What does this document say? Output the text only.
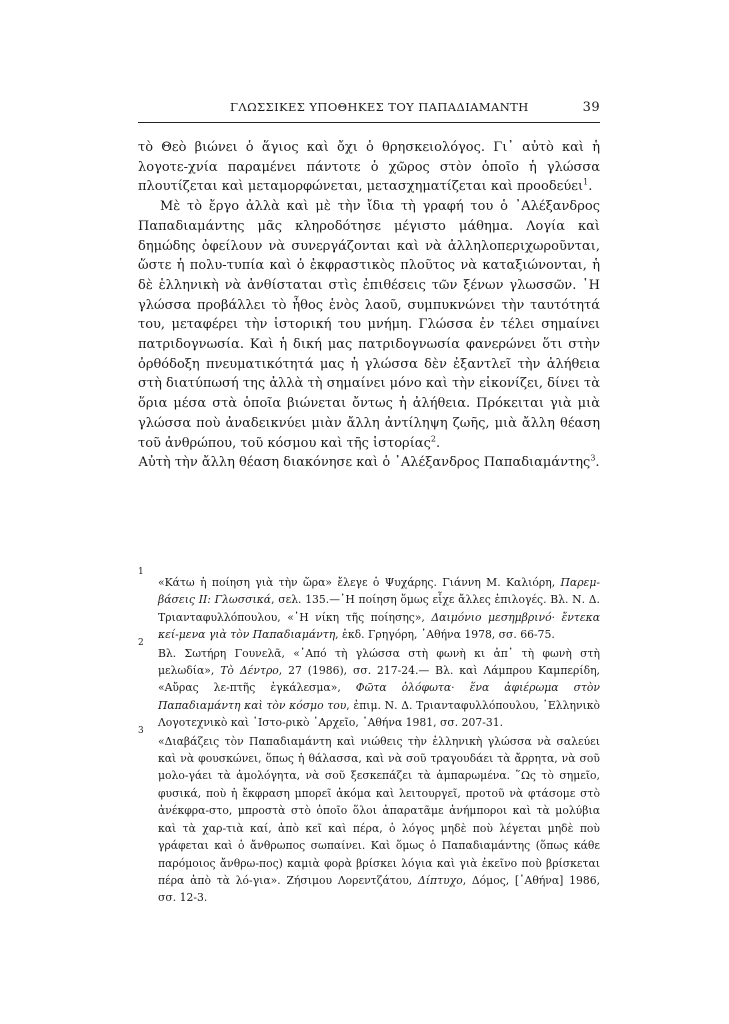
ΓΛΩΣΣΙΚΕΣ ΥΠΟΘΗΚΕΣ ΤΟΥ ΠΑΠΑΔΙΑΜΑΝΤΗ	39

τὸ Θεὸ βιώνει ὁ ἅγιος καὶ ὄχι ὁ θρησκειολόγος. Γι᾿ αὐτὸ καὶ ἡ λογοτε-χνία παραμένει πάντοτε ὁ χῶρος στὸν ὁποῖο ἡ γλώσσα πλουτίζεται καὶ μεταμορφώνεται, μετασχηματίζεται καὶ προοδεύει$^1$.

Μὲ τὸ ἔργο ἀλλὰ καὶ μὲ τὴν ἴδια τὴ γραφή του ὁ ᾿Αλέξανδρος Παπαδιαμάντης μᾶς κληροδότησε μέγιστο μάθημα. Λογία καὶ δημώδης ὀφείλουν νὰ συνεργάζονται καὶ νὰ ἀλληλοπεριχωροῦνται, ὥστε ἡ πολυ-τυπία καὶ ὁ ἐκφραστικὸς πλοῦτος νὰ καταξιώνονται, ἡ δὲ ἑλληνικὴ νὰ ἀνθίσταται στὶς ἐπιθέσεις τῶν ξένων γλωσσῶν. ῾Η γλώσσα προβάλλει τὸ ἦθος ἑνὸς λαοῦ, συμπυκνώνει τὴν ταυτότητά του, μεταφέρει τὴν ἱστορική του μνήμη. Γλώσσα ἐν τέλει σημαίνει πατριδογνωσία. Καὶ ἡ δική μας πατριδογνωσία φανερώνει ὅτι στὴν ὀρθόδοξη πνευματικότητά μας ἡ γλώσσα δὲν ἐξαντλεῖ τὴν ἀλήθεια στὴ διατύπωσή της ἀλλὰ τὴ σημαίνει μόνο καὶ τὴν εἰκονίζει, δίνει τὰ ὅρια μέσα στὰ ὁποῖα βιώνεται ὄντως ἡ ἀλήθεια. Πρόκειται γιὰ μιὰ γλώσσα ποὺ ἀναδεικνύει μιὰν ἄλλη ἀντίληψη ζωῆς, μιὰ ἄλλη θέαση τοῦ ἀνθρώπου, τοῦ κόσμου καὶ τῆς ἱστορίας$^2$.

Αὐτὴ τὴν ἄλλη θέαση διακόνησε καὶ ὁ ᾿Αλέξανδρος Παπαδιαμάντης$^3$.

1
«Κάτω ἡ ποίηση γιὰ τὴν ὥρα» ἔλεγε ὁ Ψυχάρης. Γιάννη Μ. Καλιόρη, Παρεμ-βάσεις ΙΙ: Γλωσσικά, σελ. 135.—῾Η ποίηση ὅμως εἶχε ἄλλες ἐπιλογές. Βλ. Ν. Δ. Τριανταφυλλόπουλου, «῾Η νίκη τῆς ποίησης», Δαιμόνιο μεσημβρινό· ἔντεκα κεί-μενα γιὰ τὸν Παπαδιαμάντη, ἐκδ. Γρηγόρη, ᾿Αθήνα 1978, σσ. 66-75.
2
Βλ. Σωτήρη Γουνελᾶ, «᾿Από τὴ γλώσσα στὴ φωνὴ κι ἀπ᾿ τὴ φωνὴ στὴ μελωδία», Τὸ Δέντρο, 27 (1986), σσ. 217-24.— Βλ. καὶ Λάμπρου Καμπερίδη, «Αὔρας λε-πτῆς ἐγκάλεσμα», Φῶτα ὁλόφωτα· ἕνα ἀφιέρωμα στὸν Παπαδιαμάντη καὶ τὸν κόσμο του, ἐπιμ. Ν. Δ. Τριανταφυλλόπουλου, ῾Ελληνικὸ Λογοτεχνικὸ καὶ ῾Ιστο-ρικὸ ᾿Αρχεῖο, ᾿Αθήνα 1981, σσ. 207-31.
3
«Διαβάζεις τὸν Παπαδιαμάντη καὶ νιώθεις τὴν ἑλληνικὴ γλώσσα νὰ σαλεύει καὶ νὰ φουσκώνει, ὅπως ἡ θάλασσα, καὶ νὰ σοῦ τραγουδάει τὰ ἄρρητα, νὰ σοῦ μολο-γάει τὰ ἀμολόγητα, νὰ σοῦ ξεσκεπάζει τὰ ἀμπαρωμένα. ῞Ως τὸ σημεῖο, φυσικά, ποὺ ἡ ἔκφραση μπορεῖ ἀκόμα καὶ λειτουργεῖ, προτοῦ νὰ φτάσομε στὸ ἀνέκφρα-στο, μπροστὰ στὸ ὁποῖο ὅλοι ἀπαρατᾶμε ἀνήμποροι καὶ τὰ μολύβια καὶ τὰ χαρ-τιὰ καί, ἀπὸ κεῖ καὶ πέρα, ὁ λόγος μηδὲ ποὺ λέγεται μηδὲ ποὺ γράφεται καὶ ὁ ἄνθρωπος σωπαίνει. Καὶ ὅμως ὁ Παπαδιαμάντης (ὅπως κάθε παρόμοιος ἄνθρω-πος) καμιὰ φορὰ βρίσκει λόγια καὶ γιὰ ἐκεῖνο ποὺ βρίσκεται πέρα ἀπὸ τὰ λό-για». Ζήσιμου Λορεντζάτου, Δίπτυχο, Δόμος, [᾿Αθήνα] 1986, σσ. 12-3.
